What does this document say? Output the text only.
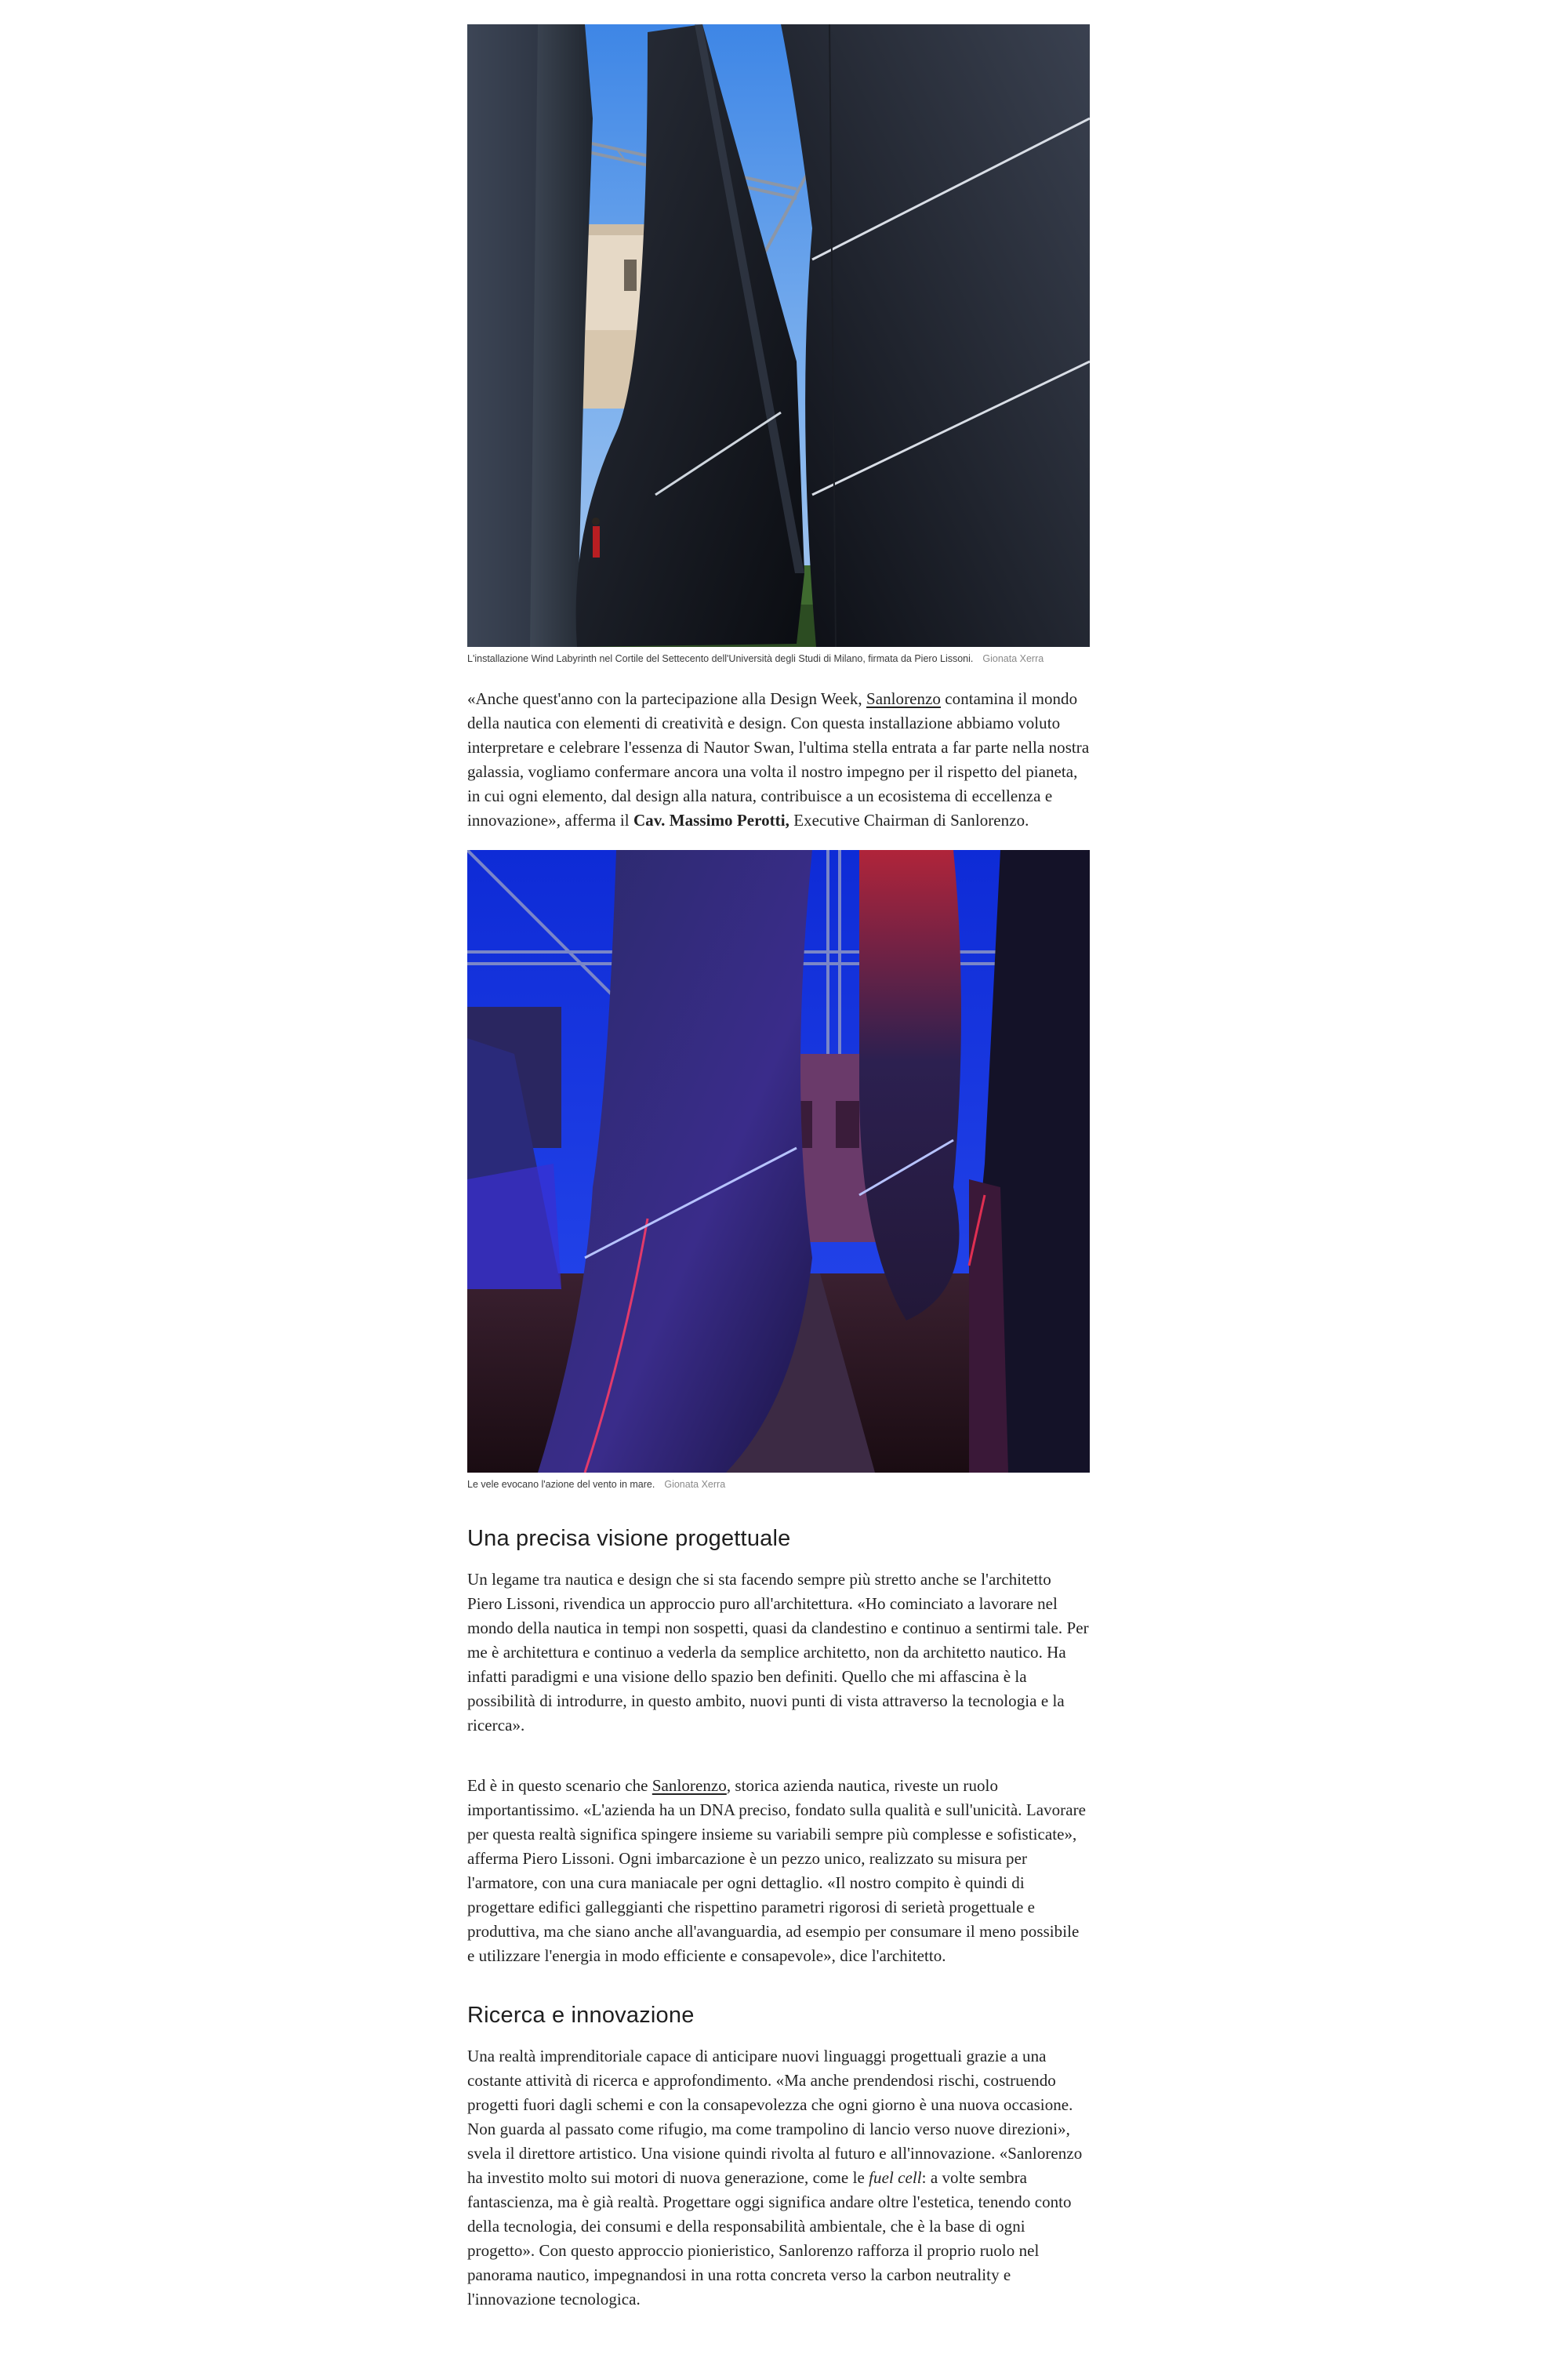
L'installazione Wind Labyrinth nel Cortile del Settecento dell'Università degli Studi di Milano, firmata da Piero Lissoni. Gionata Xerra

«Anche quest'anno con la partecipazione alla Design Week, Sanlorenzo contamina il mondo della nautica con elementi di creatività e design. Con questa installazione abbiamo voluto interpretare e celebrare l'essenza di Nautor Swan, l'ultima stella entrata a far parte nella nostra galassia, vogliamo confermare ancora una volta il nostro impegno per il rispetto del pianeta, in cui ogni elemento, dal design alla natura, contribuisce a un ecosistema di eccellenza e innovazione», afferma il Cav. Massimo Perotti, Executive Chairman di Sanlorenzo.

Le vele evocano l'azione del vento in mare. Gionata Xerra
Una precisa visione progettuale

Un legame tra nautica e design che si sta facendo sempre più stretto anche se l'architetto Piero Lissoni, rivendica un approccio puro all'architettura. «Ho cominciato a lavorare nel mondo della nautica in tempi non sospetti, quasi da clandestino e continuo a sentirmi tale. Per me è architettura e continuo a vederla da semplice architetto, non da architetto nautico. Ha infatti paradigmi e una visione dello spazio ben definiti. Quello che mi affascina è la possibilità di introdurre, in questo ambito, nuovi punti di vista attraverso la tecnologia e la ricerca».

Ed è in questo scenario che Sanlorenzo, storica azienda nautica, riveste un ruolo importantissimo. «L'azienda ha un DNA preciso, fondato sulla qualità e sull'unicità. Lavorare per questa realtà significa spingere insieme su variabili sempre più complesse e sofisticate», afferma Piero Lissoni. Ogni imbarcazione è un pezzo unico, realizzato su misura per l'armatore, con una cura maniacale per ogni dettaglio. «Il nostro compito è quindi di progettare edifici galleggianti che rispettino parametri rigorosi di serietà progettuale e produttiva, ma che siano anche all'avanguardia, ad esempio per consumare il meno possibile e utilizzare l'energia in modo efficiente e consapevole», dice l'architetto.

Ricerca e innovazione

Una realtà imprenditoriale capace di anticipare nuovi linguaggi progettuali grazie a una costante attività di ricerca e approfondimento. «Ma anche prendendosi rischi, costruendo progetti fuori dagli schemi e con la consapevolezza che ogni giorno è una nuova occasione. Non guarda al passato come rifugio, ma come trampolino di lancio verso nuove direzioni», svela il direttore artistico. Una visione quindi rivolta al futuro e all'innovazione. «Sanlorenzo ha investito molto sui motori di nuova generazione, come le fuel cell: a volte sembra fantascienza, ma è già realtà. Progettare oggi significa andare oltre l'estetica, tenendo conto della tecnologia, dei consumi e della responsabilità ambientale, che è la base di ogni progetto». Con questo approccio pionieristico, Sanlorenzo rafforza il proprio ruolo nel panorama nautico, impegnandosi in una rotta concreta verso la carbon neutrality e l'innovazione tecnologica.
